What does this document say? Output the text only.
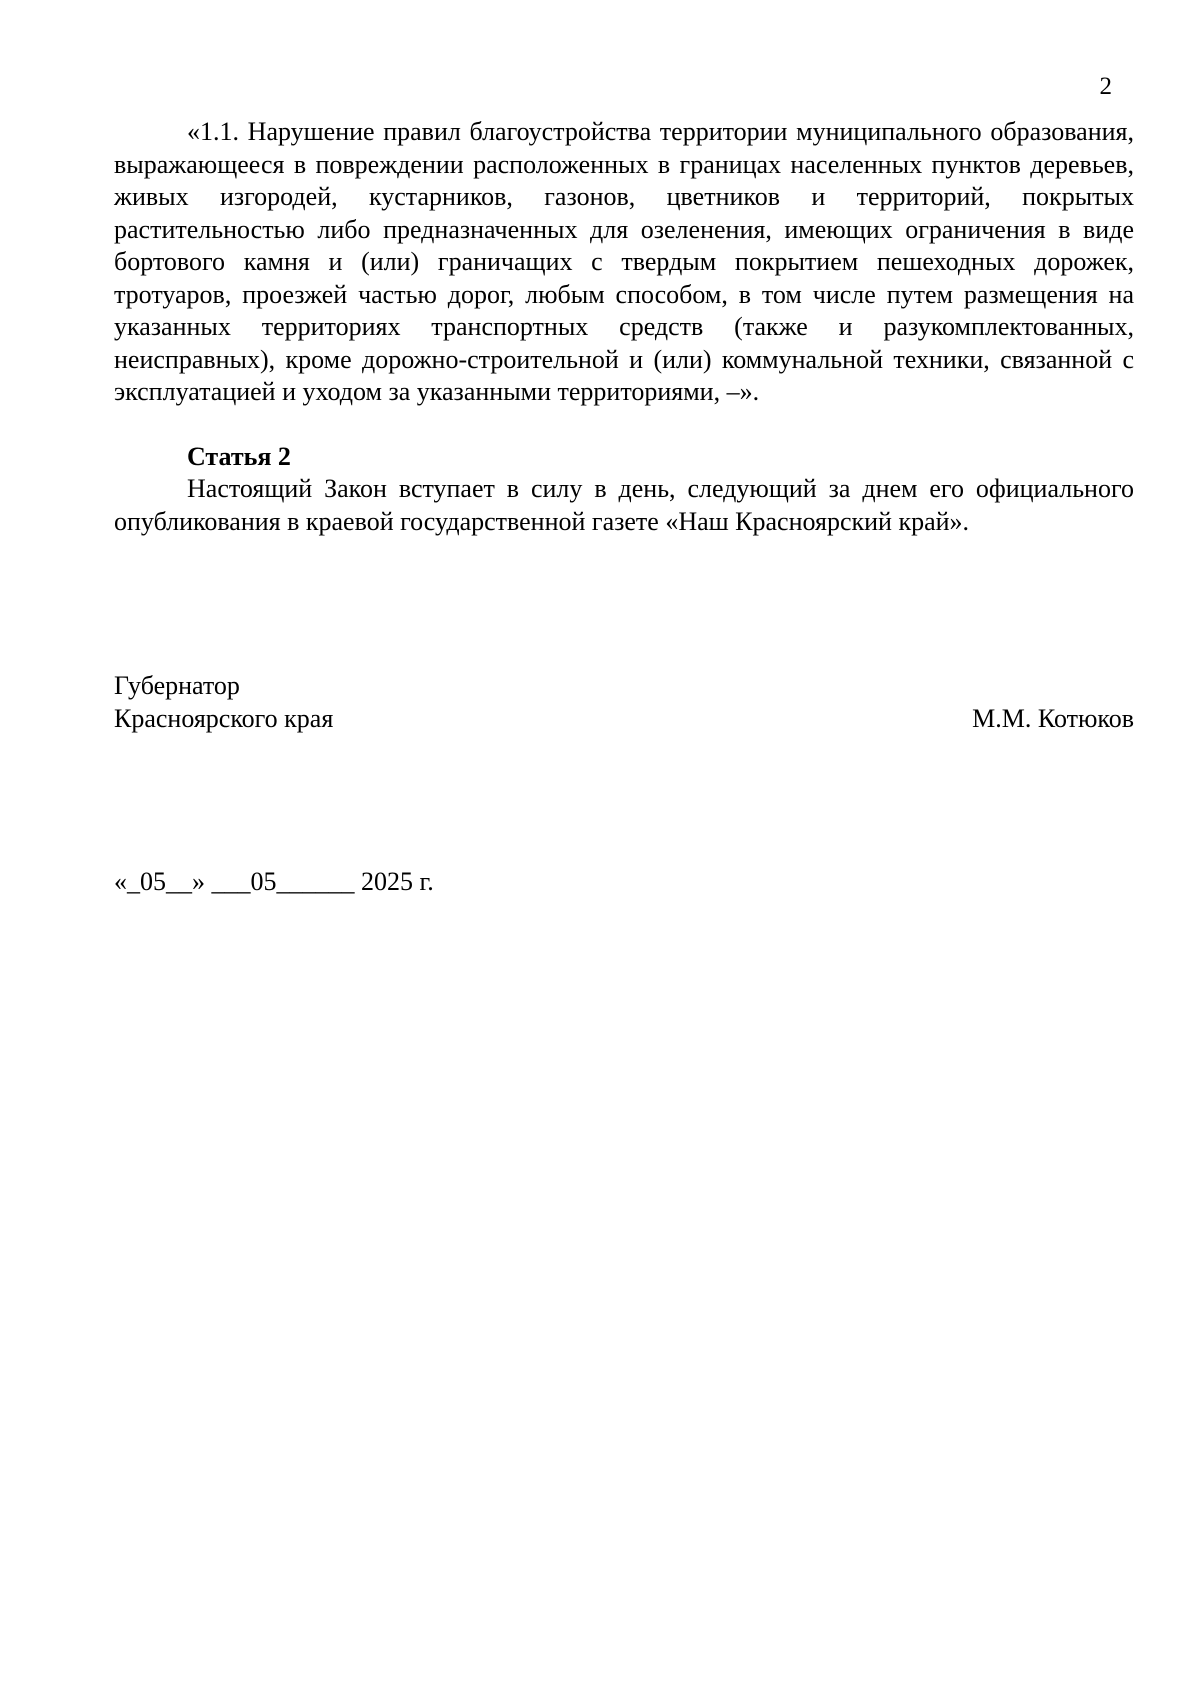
2

«1.1. Нарушение правил благоустройства территории муниципального образования, выражающееся в повреждении расположенных в границах населенных пунктов деревьев, живых изгородей, кустарников, газонов, цветников и территорий, покрытых растительностью либо предназначенных для озеленения, имеющих ограничения в виде бортового камня и (или) граничащих с твердым покрытием пешеходных дорожек, тротуаров, проезжей частью дорог, любым способом, в том числе путем размещения на указанных территориях транспортных средств (также и разукомплектованных, неисправных), кроме дорожно-строительной и (или) коммунальной техники, связанной с эксплуатацией и уходом за указанными территориями, –».

Статья 2

Настоящий Закон вступает в силу в день, следующий за днем его официального опубликования в краевой государственной газете «Наш Красноярский край».

Губернатор
Красноярского края	М.М. Котюков
«_05__» ___05______ 2025 г.
